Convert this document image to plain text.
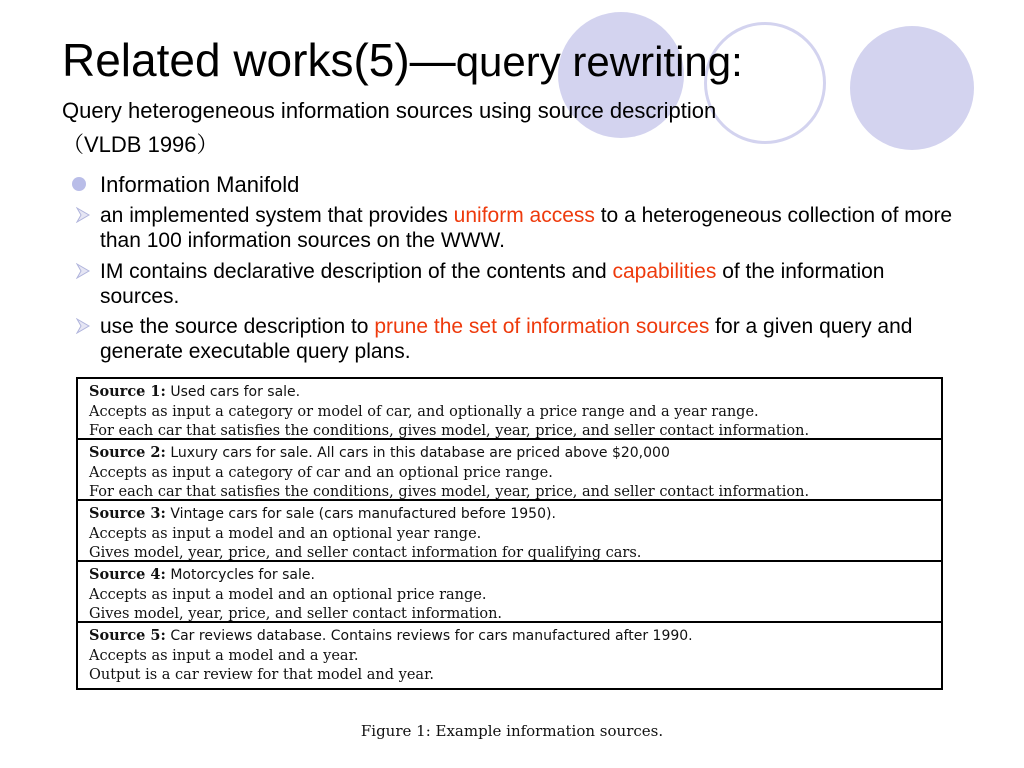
Related works(5)—query rewriting:
Query heterogeneous information sources using source description
（VLDB 1996）
Information Manifold
an implemented system that provides uniform access to a heterogeneous collection of more than 100 information sources on the WWW.
IM contains declarative description of the contents and capabilities of the information sources.
use the source description to prune the set of information sources for a given query and generate executable query plans.
Source 1: Used cars for sale.
Accepts as input a category or model of car, and optionally a price range and a year range.
For each car that satisfies the conditions, gives model, year, price, and seller contact information.
Source 2: Luxury cars for sale. All cars in this database are priced above $20,000
Accepts as input a category of car and an optional price range.
For each car that satisfies the conditions, gives model, year, price, and seller contact information.
Source 3: Vintage cars for sale (cars manufactured before 1950).
Accepts as input a model and an optional year range.
Gives model, year, price, and seller contact information for qualifying cars.
Source 4: Motorcycles for sale.
Accepts as input a model and an optional price range.
Gives model, year, price, and seller contact information.
Source 5: Car reviews database. Contains reviews for cars manufactured after 1990.
Accepts as input a model and a year.
Output is a car review for that model and year.
Figure 1: Example information sources.
